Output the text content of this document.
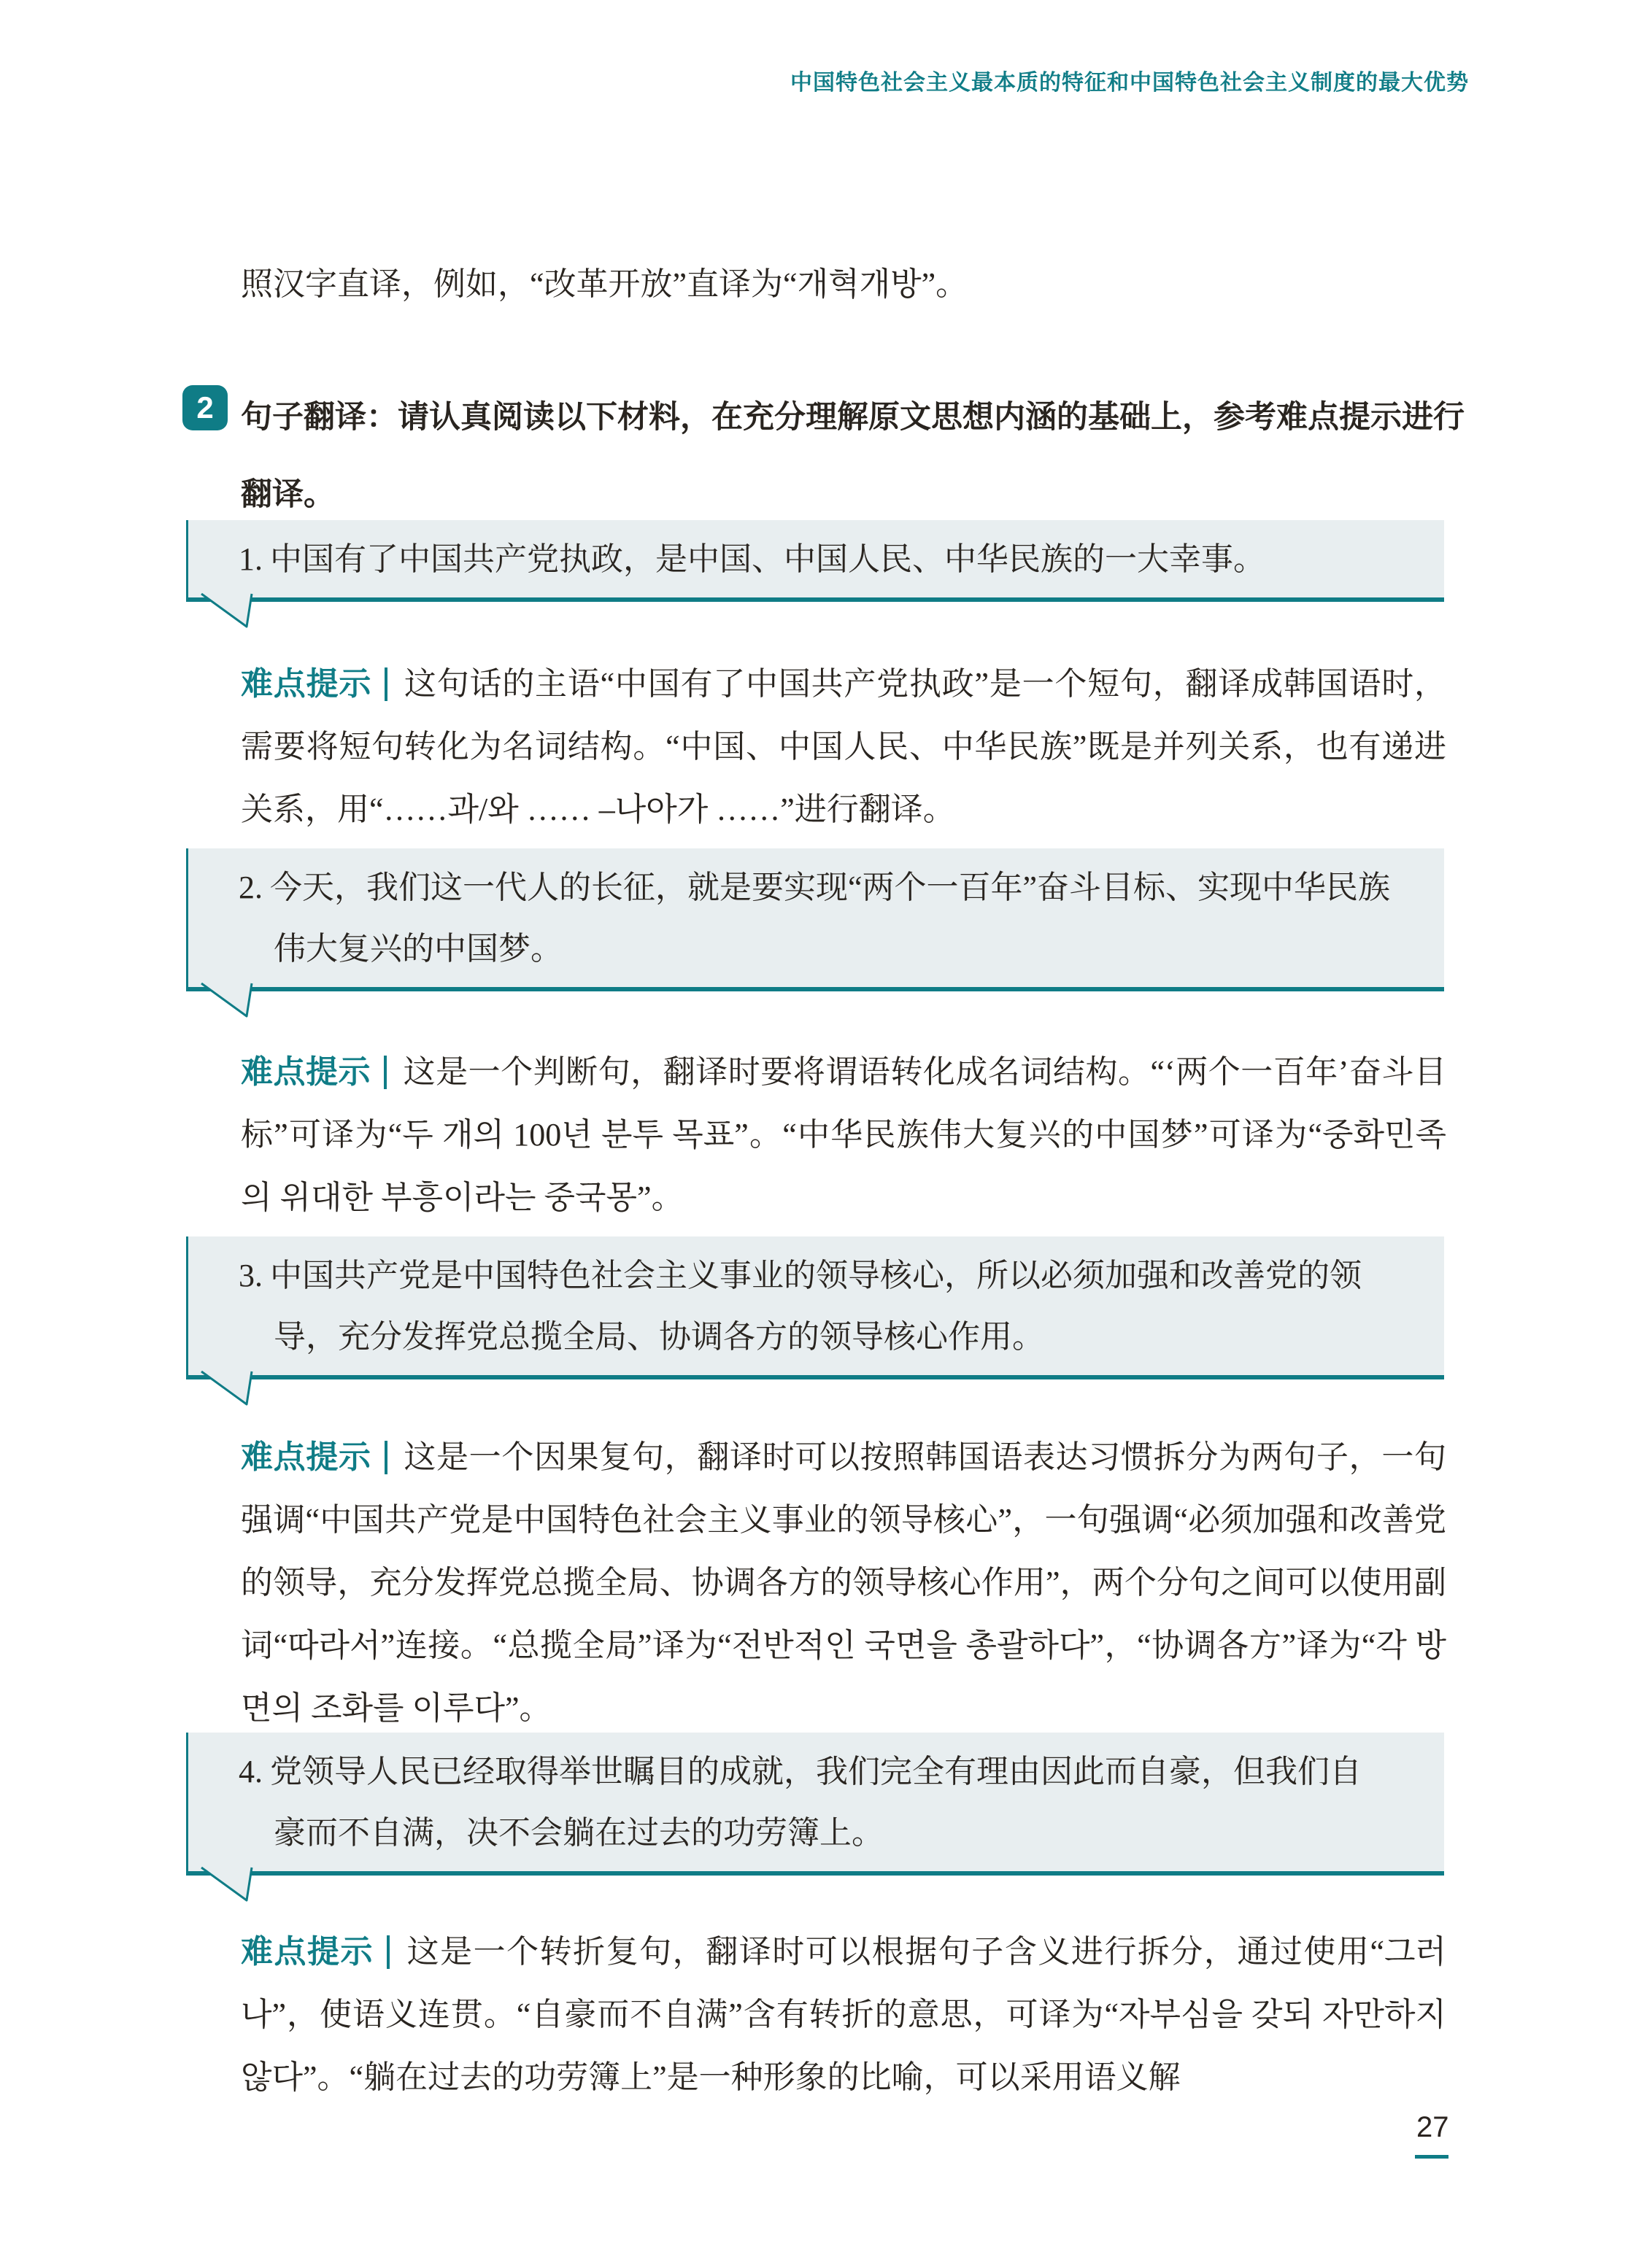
中国特色社会主义最本质的特征和中国特色社会主义制度的最大优势

照汉字直译，例如，“改革开放”直译为“개혁개방”。

2 句子翻译：请认真阅读以下材料，在充分理解原文思想内涵的基础上，参考难点提示进行翻译。

1. 中国有了中国共产党执政，是中国、中国人民、中华民族的一大幸事。

难点提示 这句话的主语“中国有了中国共产党执政”是一个短句，翻译成韩国语时，需要将短句转化为名词结构。“中国、中国人民、中华民族”既是并列关系，也有递进关系，用“……과/와 …… –나아가 ……”进行翻译。

2. 今天，我们这一代人的长征，就是要实现“两个一百年”奋斗目标、实现中华民族伟大复兴的中国梦。

难点提示 这是一个判断句，翻译时要将谓语转化成名词结构。“‘两个一百年’奋斗目标”可译为“두 개의 100년 분투 목표”。“中华民族伟大复兴的中国梦”可译为“중화민족의 위대한 부흥이라는 중국몽”。

3. 中国共产党是中国特色社会主义事业的领导核心，所以必须加强和改善党的领导，充分发挥党总揽全局、协调各方的领导核心作用。

难点提示 这是一个因果复句，翻译时可以按照韩国语表达习惯拆分为两句子，一句强调“中国共产党是中国特色社会主义事业的领导核心”，一句强调“必须加强和改善党的领导，充分发挥党总揽全局、协调各方的领导核心作用”，两个分句之间可以使用副词“따라서”连接。“总揽全局”译为“전반적인 국면을 총괄하다”，“协调各方”译为“각 방면의 조화를 이루다”。

4. 党领导人民已经取得举世瞩目的成就，我们完全有理由因此而自豪，但我们自豪而不自满，决不会躺在过去的功劳簿上。

难点提示 这是一个转折复句，翻译时可以根据句子含义进行拆分，通过使用“그러나”，使语义连贯。“自豪而不自满”含有转折的意思，可译为“자부심을 갖되 자만하지 않다”。“躺在过去的功劳簿上”是一种形象的比喻，可以采用语义解

27
